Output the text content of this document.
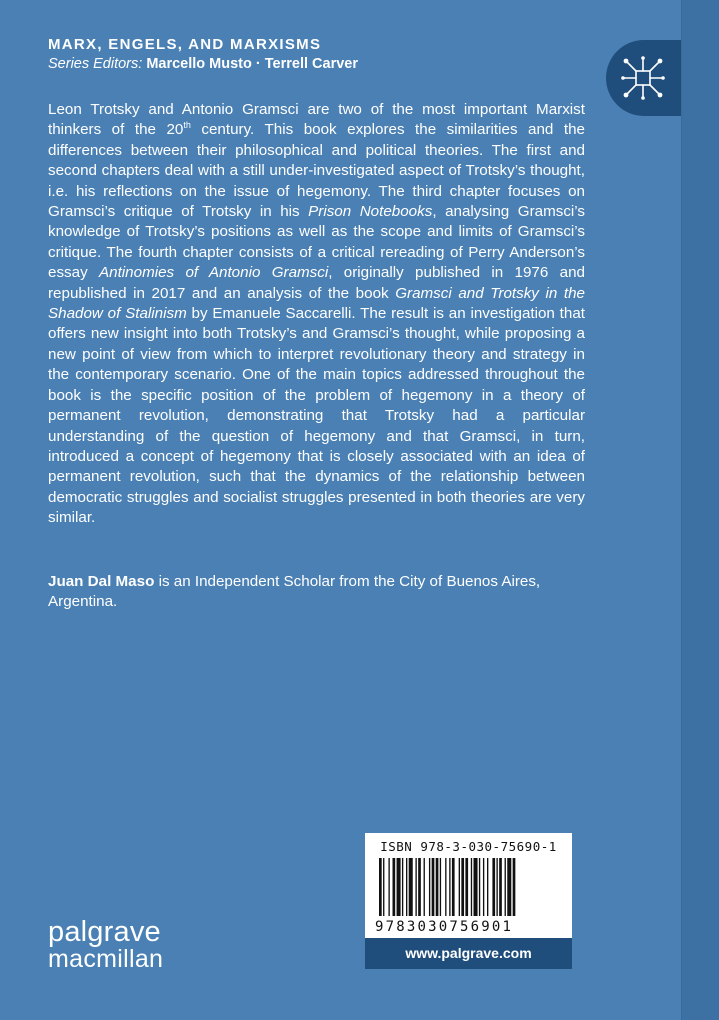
MARX, ENGELS, AND MARXISMS
Series Editors: Marcello Musto · Terrell Carver

Leon Trotsky and Antonio Gramsci are two of the most important Marxist thinkers of the 20th century. This book explores the similarities and the differences between their philosophical and political theories. The first and second chapters deal with a still under-investigated aspect of Trotsky’s thought, i.e. his reflections on the issue of hegemony. The third chapter focuses on Gramsci’s critique of Trotsky in his Prison Notebooks, analysing Gramsci’s knowledge of Trotsky’s positions as well as the scope and limits of Gramsci’s critique. The fourth chapter consists of a critical rereading of Perry Anderson’s essay Antinomies of Antonio Gramsci, originally published in 1976 and republished in 2017 and an analysis of the book Gramsci and Trotsky in the Shadow of Stalinism by Emanuele Saccarelli. The result is an investigation that offers new insight into both Trotsky’s and Gramsci’s thought, while proposing a new point of view from which to interpret revolutionary theory and strategy in the contemporary scenario. One of the main topics addressed throughout the book is the specific position of the problem of hegemony in a theory of permanent revolution, demonstrating that Trotsky had a particular understanding of the question of hegemony and that Gramsci, in turn, introduced a concept of hegemony that is closely associated with an idea of permanent revolution, such that the dynamics of the relationship between democratic struggles and socialist struggles presented in both theories are very similar.

Juan Dal Maso is an Independent Scholar from the City of Buenos Aires, Argentina.
ISBN 978-3-030-75690-1
9783030756901
www.palgrave.com
palgrave
macmillan
